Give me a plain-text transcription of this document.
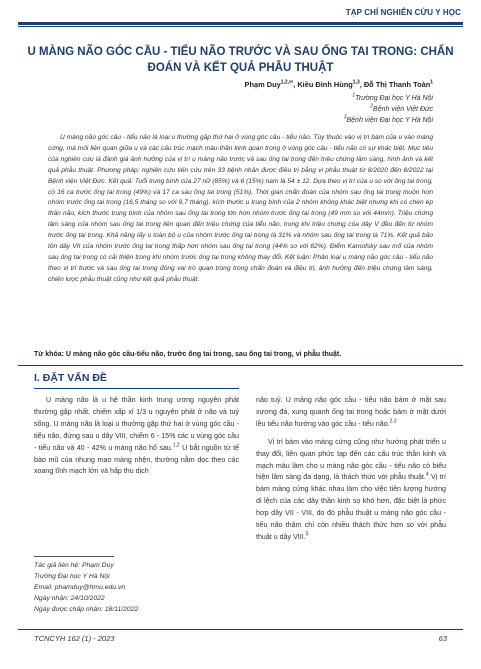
TẠP CHÍ NGHIÊN CỨU Y HỌC
U MÀNG NÃO GÓC CẦU - TIỂU NÃO TRƯỚC VÀ SAU ỐNG TAI TRONG: CHẨN ĐOÁN VÀ KẾT QUẢ PHẪU THUẬT
Phạm Duy$^{1,2,✉}$, Kiều Đình Hùng$^{1,3}$, Đỗ Thị Thanh Toàn$^1$
$^1$Trường Đại học Y Hà Nội
$^2$Bệnh viện Việt Đức
$^3$Bệnh viện Đại học Y Hà Nội
U màng não góc cầu - tiểu não là loại u thường gặp thứ hai ở vùng góc cầu - tiểu não. Tùy thuộc vào vị trí bám của u vào màng cứng, mà mối liên quan giữa u và các cấu trúc mạch máu-thần kinh quan trọng ở vùng góc cầu - tiểu não có sự khác biệt. Mục tiêu của nghiên cứu là đánh giá ảnh hưởng của vị trí u màng não trước và sau ống tai trong đến triệu chứng lâm sàng, hình ảnh và kết quả phẫu thuật. Phương pháp: nghiên cứu tiến cứu trên 33 bệnh nhân được điều trị bằng vi phẫu thuật từ 8/2020 đến 8/2022 tại Bệnh viện Việt Đức. Kết quả: Tuổi trung bình của 27 nữ (85%) và 6 (15%) nam là 54 ± 12. Dựa theo vị trí của u so với ống tai trong, có 16 ca trước ống tai trong (49%) và 17 ca sau ống tai trong (51%). Thời gian chẩn đoán của nhóm sau ống tai trong muộn hơn nhóm trước ống tai trong (16,5 tháng so với 9,7 tháng), kích thước u trung bình của 2 nhóm không khác biệt nhưng khi có chèn ép thân não, kích thước trung bình của nhóm sau ống tai trong lớn hơn nhóm trước ống tai trong (49 mm so với 44mm). Triệu chứng lâm sàng của nhóm sau ống tai trong liên quan đến triệu chứng của tiểu não, trong khi triệu chứng của dây V đều đến từ nhóm trước ống tai trong. Khả năng lấy u toàn bộ u của nhóm trước ống tai trong là 31% và nhóm sau ống tai trong là 71%. Kết quả bảo tồn dây VII của nhóm trước ống tai trong thấp hơn nhóm sau ống tai trong (44% so với 82%). Điểm Karnofsky sau mổ của nhóm sau ống tai trong có cải thiện trong khi nhóm trước ống tai trong không thay đổi. Kết luận: Phân loại u màng não góc cầu - tiểu não theo vị trí trước và sau ống tai trong đóng vai trò quan trọng trong chẩn đoán và điều trị, ảnh hưởng đến triệu chứng lâm sàng, chiến lược phẫu thuật cũng như kết quả phẫu thuật.
Từ khóa: U màng não góc cầu-tiểu não, trước ống tai trong, sau ống tai trong, vi phẫu thuật.
I. ĐẶT VẤN ĐỀ

U màng não là u hệ thần kinh trung ương nguyên phát thường gặp nhất, chiếm xấp xỉ 1/3 u nguyên phát ở não và tuỷ sống. U màng não là loại u thường gặp thứ hai ở vùng góc cầu - tiểu não, đứng sau u dây VIII, chiếm 6 - 15% các u vùng góc cầu - tiểu não và 40 - 42% u màng não hố sau.$^{1,2}$ U bắt nguồn từ tế bào mũ của nhung mao màng nhện, thường nằm dọc theo các xoang tĩnh mạch lớn và hấp thu dịch

não tuỷ. U màng não góc cầu - tiểu não bám ở mặt sau xương đá, xung quanh ống tai trong hoặc bám ở mặt dưới lều tiểu não hướng vào góc cầu - tiểu não.$^{2,3}$

Vị trí bám vào màng cứng cũng như hướng phát triển u thay đổi, liên quan phức tạp đến các cấu trúc thần kinh và mạch máu làm cho u màng não góc cầu - tiểu não có biểu hiện lâm sàng đa dạng, là thách thức với phẫu thuật.$^4$ Vị trí bám màng cứng khác nhau làm cho việc tiên lượng hướng di lệch của các dây thần kinh sọ khó hơn, đặc biệt là phức hợp dây VII - VIII, do đó phẫu thuật u màng não góc cầu - tiểu não thậm chí còn nhiều thách thức hơn so với phẫu thuật u dây VIII.$^5$

Tác giả liên hệ: Phạm Duy
Trường Đại học Y Hà Nội
Email: phamduy@hmu.edu.vn
Ngày nhận: 24/10/2022
Ngày được chấp nhận: 18/11/2022
TCNCYH 162 (1) - 2023	63
